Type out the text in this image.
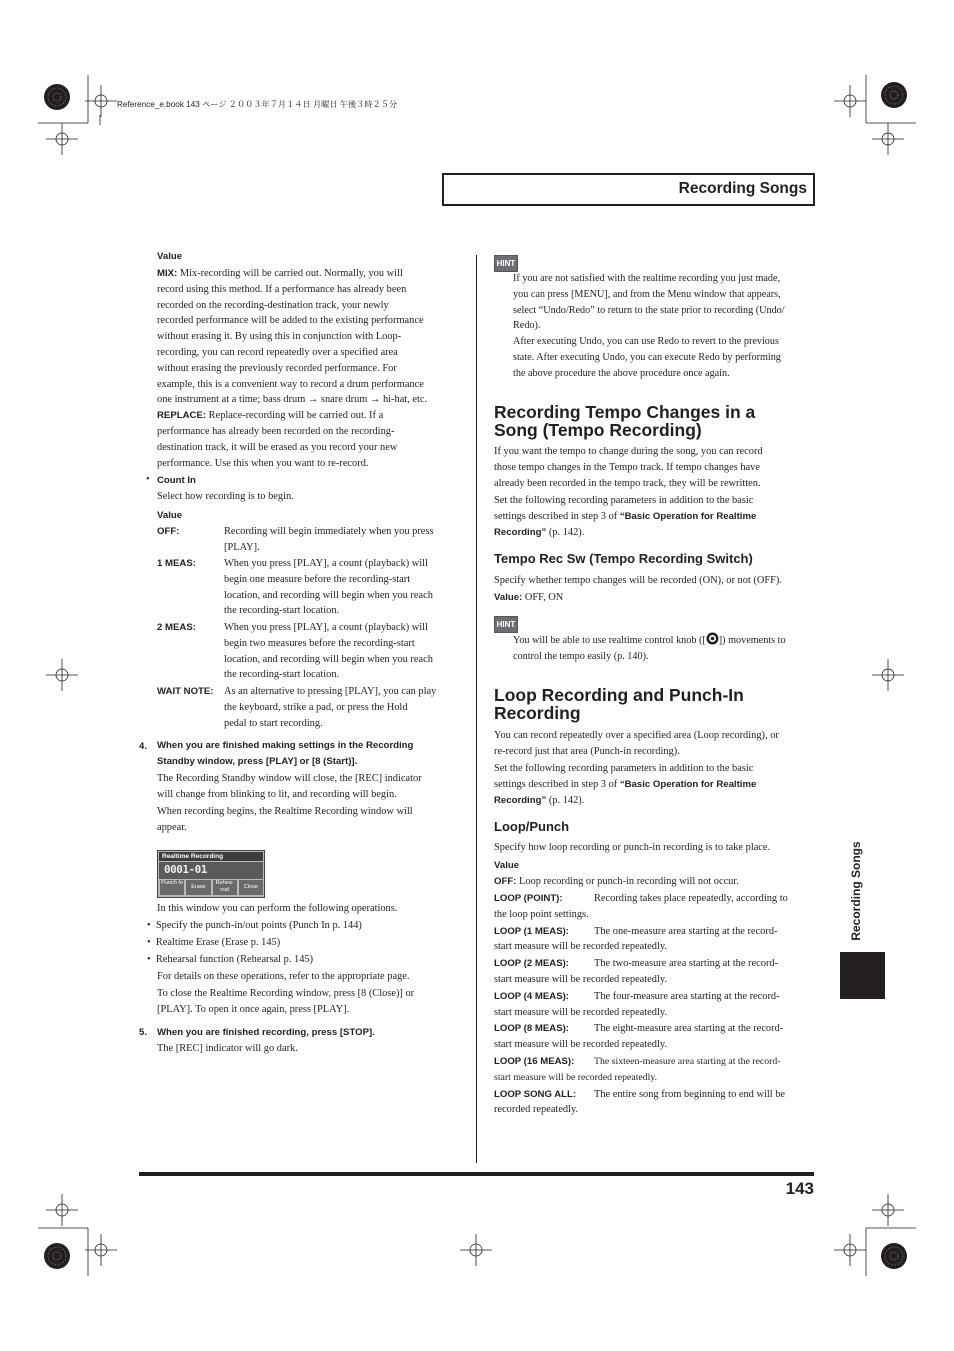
Reference_e.book 143 ページ ２００３年７月１４日 月曜日 午後３時２５分
Recording Songs
Recording Songs
Value
MIX: Mix-recording will be carried out. Normally, you will
record using this method. If a performance has already been
recorded on the recording-destination track, your newly
recorded performance will be added to the existing performance
without erasing it. By using this in conjunction with Loop-
recording, you can record repeatedly over a specified area
without erasing the previously recorded performance. For
example, this is a convenient way to record a drum performance
one instrument at a time; bass drum → snare drum → hi-hat, etc.
REPLACE: Replace-recording will be carried out. If a
performance has already been recorded on the recording-
destination track, it will be erased as you record your new
performance. Use this when you want to re-record.
• Count In
Select how recording is to begin.
Value
OFF:	Recording will begin immediately when you press
[PLAY].
1 MEAS:	When you press [PLAY], a count (playback) will
begin one measure before the recording-start
location, and recording will begin when you reach
the recording-start location.
2 MEAS:	When you press [PLAY], a count (playback) will
begin two measures before the recording-start
location, and recording will begin when you reach
the recording-start location.
WAIT NOTE: As an alternative to pressing [PLAY], you can play
the keyboard, strike a pad, or press the Hold
pedal to start recording.
4. When you are finished making settings in the Recording
Standby window, press [PLAY] or [8 (Start)].
The Recording Standby window will close, the [REC] indicator
will change from blinking to lit, and recording will begin.
When recording begins, the Realtime Recording window will
appear.
Realtime Recording
0001-01
Punch In
Erase
Rehea- rsal	Close
In this window you can perform the following operations.
•  Specify the punch-in/out points (Punch In p. 144)
•  Realtime Erase (Erase p. 145)
•  Rehearsal function (Rehearsal p. 145)
For details on these operations, refer to the appropriate page.
To close the Realtime Recording window, press [8 (Close)] or
[PLAY]. To open it once again, press [PLAY].
5. When you are finished recording, press [STOP].
The [REC] indicator will go dark.
HINT
If you are not satisfied with the realtime recording you just made,
you can press [MENU], and from the Menu window that appears,
select “Undo/Redo” to return to the state prior to recording (Undo/
Redo).
After executing Undo, you can use Redo to revert to the previous
state. After executing Undo, you can execute Redo by performing
the above procedure the above procedure once again.
Recording Tempo Changes in a
Song (Tempo Recording)
If you want the tempo to change during the song, you can record
those tempo changes in the Tempo track. If tempo changes have
already been recorded in the tempo track, they will be rewritten.
Set the following recording parameters in addition to the basic
settings described in step 3 of “Basic Operation for Realtime
Recording” (p. 142).
Tempo Rec Sw (Tempo Recording Switch)
Specify whether tempo changes will be recorded (ON), or not (OFF).
Value: OFF, ON
HINT
You will be able to use realtime control knob ([ ]) movements to
control the tempo easily (p. 140).
Loop Recording and Punch-In
Recording
You can record repeatedly over a specified area (Loop recording), or
re-record just that area (Punch-in recording).
Set the following recording parameters in addition to the basic
settings described in step 3 of “Basic Operation for Realtime
Recording” (p. 142).
Loop/Punch
Specify how loop recording or punch-in recording is to take place.
Value
OFF: Loop recording or punch-in recording will not occur.
LOOP (POINT):	Recording takes place repeatedly, according to
the loop point settings.
LOOP (1 MEAS): The one-measure area starting at the record-
start measure will be recorded repeatedly.
LOOP (2 MEAS): The two-measure area starting at the record-
start measure will be recorded repeatedly.
LOOP (4 MEAS): The four-measure area starting at the record-
start measure will be recorded repeatedly.
LOOP (8 MEAS): The eight-measure area starting at the record-
start measure will be recorded repeatedly.
LOOP (16 MEAS): The sixteen-measure area starting at the record-
start measure will be recorded repeatedly.
LOOP SONG ALL: The entire song from beginning to end will be
recorded repeatedly.
143
